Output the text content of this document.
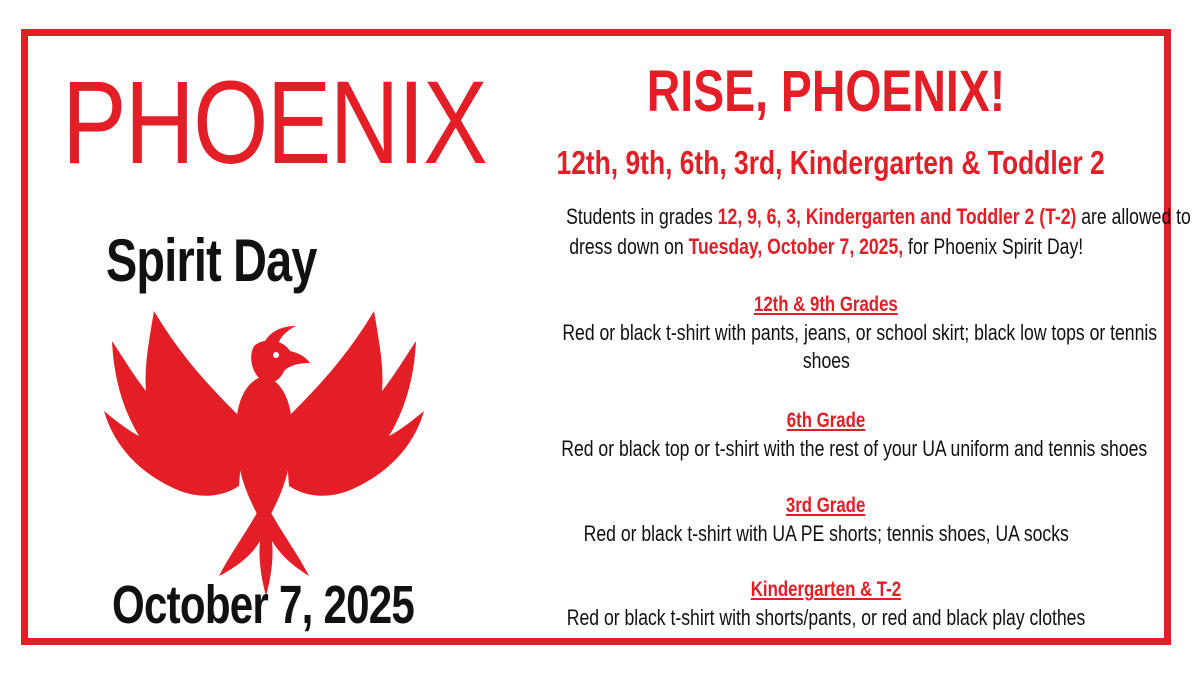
PHOENIX
Spirit Day
October 7, 2025
RISE, PHOENIX!
12th, 9th, 6th, 3rd, Kindergarten & Toddler 2
Students in grades 12, 9, 6, 3, Kindergarten and Toddler 2 (T-2) are allowed to
dress down on Tuesday, October 7, 2025, for Phoenix Spirit Day!
12th & 9th Grades
Red or black t-shirt with pants, jeans, or school skirt; black low tops or tennis
shoes
6th Grade
Red or black top or t-shirt with the rest of your UA uniform and tennis shoes
3rd Grade
Red or black t-shirt with UA PE shorts; tennis shoes, UA socks
Kindergarten & T-2
Red or black t-shirt with shorts/pants, or red and black play clothes
